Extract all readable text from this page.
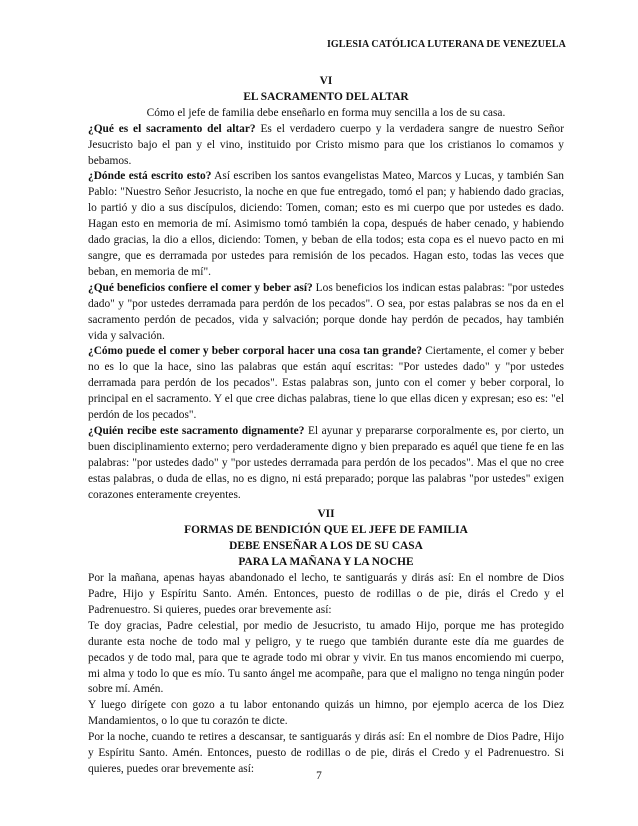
IGLESIA CATÓLICA LUTERANA DE VENEZUELA
VI
EL SACRAMENTO DEL ALTAR
Cómo el jefe de familia debe enseñarlo en forma muy sencilla a los de su casa.

¿Qué es el sacramento del altar? Es el verdadero cuerpo y la verdadera sangre de nuestro Señor Jesucristo bajo el pan y el vino, instituido por Cristo mismo para que los cristianos lo comamos y bebamos.

¿Dónde está escrito esto? Así escriben los santos evangelistas Mateo, Marcos y Lucas, y también San Pablo: "Nuestro Señor Jesucristo, la noche en que fue entregado, tomó el pan; y habiendo dado gracias, lo partió y dio a sus discípulos, diciendo: Tomen, coman; esto es mi cuerpo que por ustedes es dado. Hagan esto en memoria de mí. Asimismo tomó también la copa, después de haber cenado, y habiendo dado gracias, la dio a ellos, diciendo: Tomen, y beban de ella todos; esta copa es el nuevo pacto en mi sangre, que es derramada por ustedes para remisión de los pecados. Hagan esto, todas las veces que beban, en memoria de mí".

¿Qué beneficios confiere el comer y beber así? Los beneficios los indican estas palabras: "por ustedes dado" y "por ustedes derramada para perdón de los pecados". O sea, por estas palabras se nos da en el sacramento perdón de pecados, vida y salvación; porque donde hay perdón de pecados, hay también vida y salvación.

¿Cómo puede el comer y beber corporal hacer una cosa tan grande? Ciertamente, el comer y beber no es lo que la hace, sino las palabras que están aquí escritas: "Por ustedes dado" y "por ustedes derramada para perdón de los pecados". Estas palabras son, junto con el comer y beber corporal, lo principal en el sacramento. Y el que cree dichas palabras, tiene lo que ellas dicen y expresan; eso es: "el perdón de los pecados".

¿Quién recibe este sacramento dignamente? El ayunar y prepararse corporalmente es, por cierto, un buen disciplinamiento externo; pero verdaderamente digno y bien preparado es aquél que tiene fe en las palabras: "por ustedes dado" y "por ustedes derramada para perdón de los pecados". Mas el que no cree estas palabras, o duda de ellas, no es digno, ni está preparado; porque las palabras "por ustedes" exigen corazones enteramente creyentes.

VII
FORMAS DE BENDICIÓN QUE EL JEFE DE FAMILIA
DEBE ENSEÑAR A LOS DE SU CASA
PARA LA MAÑANA Y LA NOCHE

Por la mañana, apenas hayas abandonado el lecho, te santiguarás y dirás así: En el nombre de Dios Padre, Hijo y Espíritu Santo. Amén. Entonces, puesto de rodillas o de pie, dirás el Credo y el Padrenuestro. Si quieres, puedes orar brevemente así:

Te doy gracias, Padre celestial, por medio de Jesucristo, tu amado Hijo, porque me has protegido durante esta noche de todo mal y peligro, y te ruego que también durante este día me guardes de pecados y de todo mal, para que te agrade todo mi obrar y vivir. En tus manos encomiendo mi cuerpo, mi alma y todo lo que es mío. Tu santo ángel me acompañe, para que el maligno no tenga ningún poder sobre mí. Amén.

Y luego dirígete con gozo a tu labor entonando quizás un himno, por ejemplo acerca de los Diez Mandamientos, o lo que tu corazón te dicte.

Por la noche, cuando te retires a descansar, te santiguarás y dirás así: En el nombre de Dios Padre, Hijo y Espíritu Santo. Amén. Entonces, puesto de rodillas o de pie, dirás el Credo y el Padrenuestro. Si quieres, puedes orar brevemente así:

7
